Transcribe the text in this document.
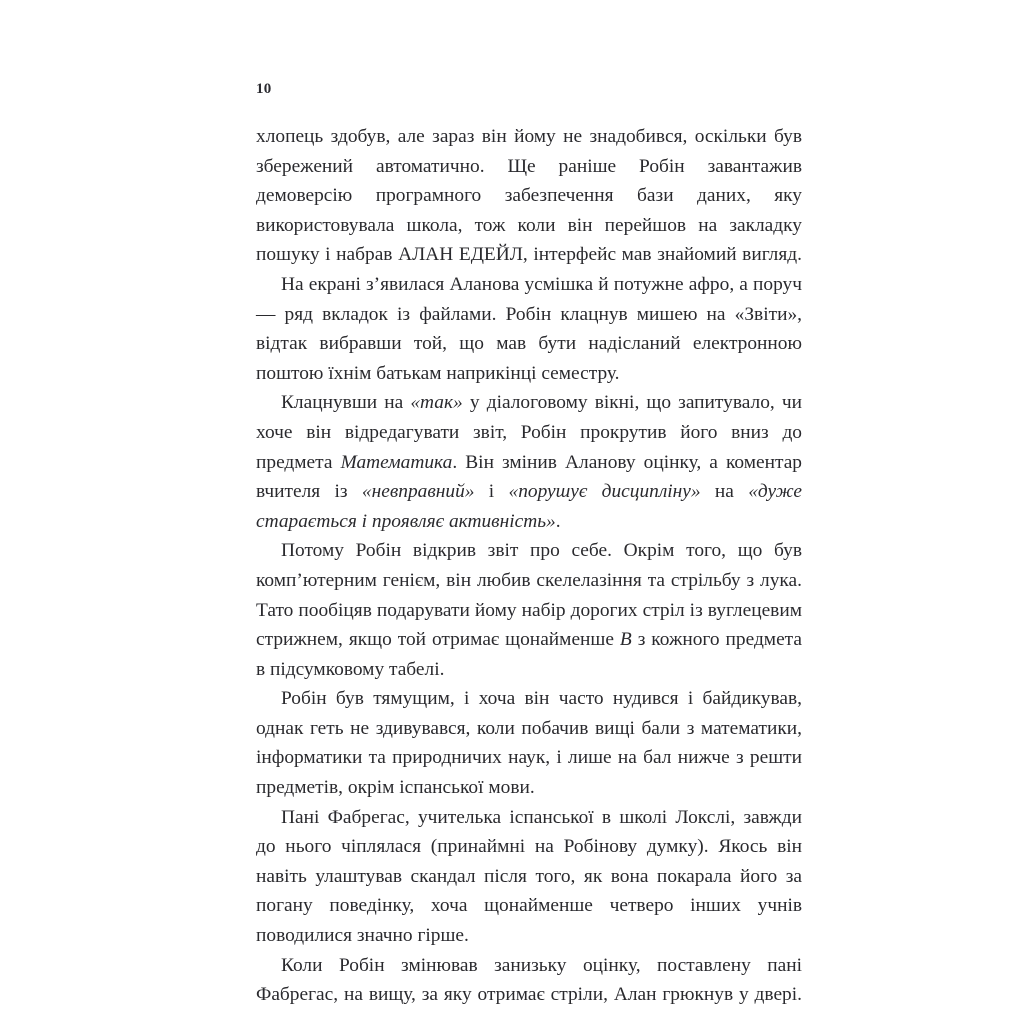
10

хлопець здобув, але зараз він йому не знадобився, оскільки був збережений автоматично. Ще раніше Робін завантажив демоверсію програмного забезпечення бази даних, яку використовувала школа, тож коли він перейшов на закладку пошуку і набрав АЛАН ЕДЕЙЛ, інтерфейс мав знайомий вигляд.

На екрані з’явилася Аланова усмішка й потужне афро, а поруч — ряд вкладок із файлами. Робін клацнув мишею на «Звіти», відтак вибравши той, що мав бути надісланий електронною поштою їхнім батькам наприкінці семестру.

Клацнувши на «так» у діалоговому вікні, що запитувало, чи хоче він відредагувати звіт, Робін прокрутив його вниз до предмета Математика. Він змінив Аланову оцінку, а коментар вчителя із «невправний» і «порушує дисципліну» на «дуже старається і проявляє активність».

Потому Робін відкрив звіт про себе. Окрім того, що був комп’ютерним генієм, він любив скелелазіння та стрільбу з лука. Тато пообіцяв подарувати йому набір дорогих стріл із вуглецевим стрижнем, якщо той отримає щонайменше B з кожного предмета в підсумковому табелі.

Робін був тямущим, і хоча він часто нудився і байдикував, однак геть не здивувався, коли побачив вищі бали з математики, інформатики та природничих наук, і лише на бал нижче з решти предметів, окрім іспанської мови.

Пані Фабрегас, учителька іспанської в школі Локслі, завжди до нього чіплялася (принаймні на Робінову думку). Якось він навіть улаштував скандал після того, як вона покарала його за погану поведінку, хоча щонайменше четверо інших учнів поводилися значно гірше.

Коли Робін змінював занизьку оцінку, поставлену пані Фабрегас, на вищу, за яку отримає стріли, Алан грюкнув у двері.
